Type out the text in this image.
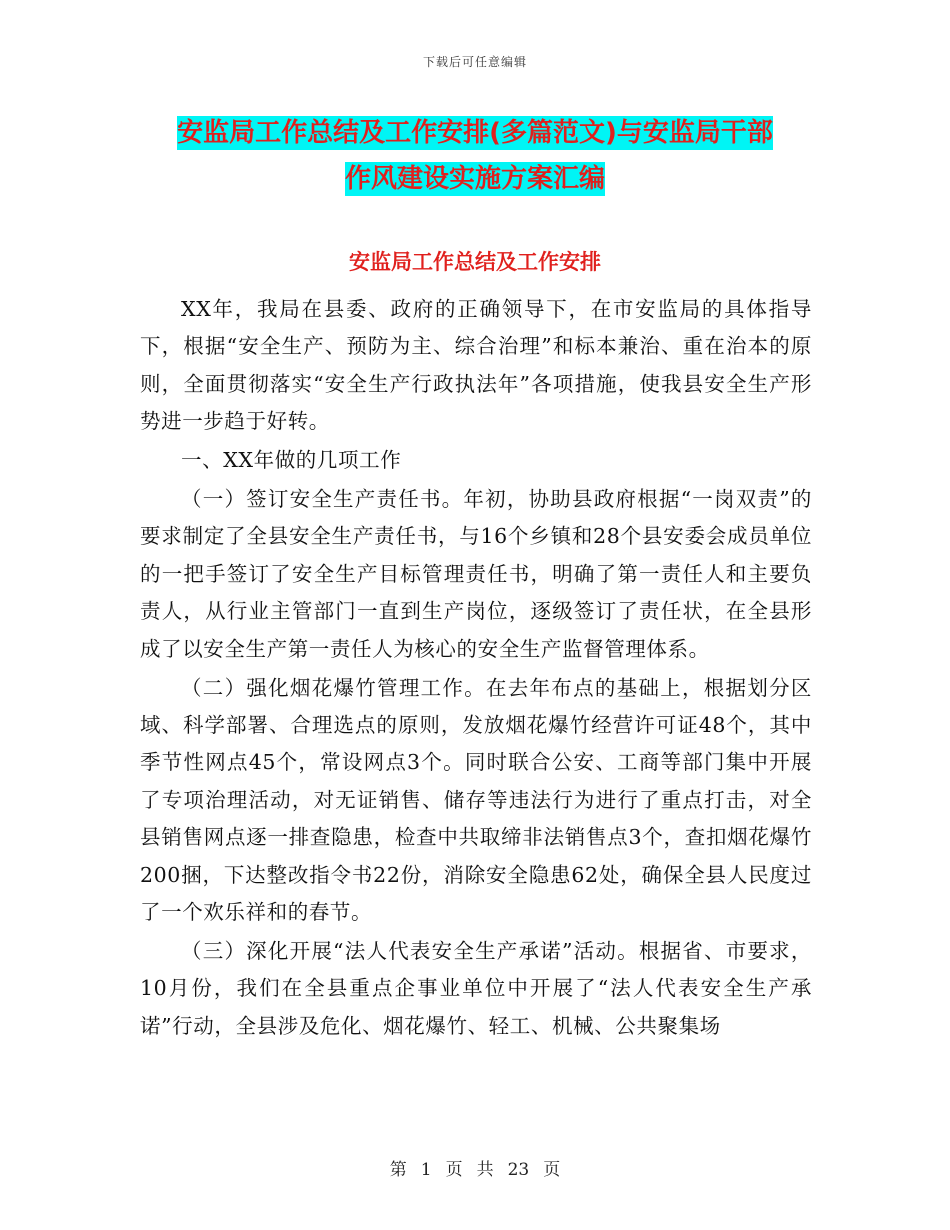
下载后可任意编辑
安监局工作总结及工作安排(多篇范文)与安监局干部
作风建设实施方案汇编
安监局工作总结及工作安排

XX年，我局在县委、政府的正确领导下，在市安监局的具体指导下，根据“安全生产、预防为主、综合治理”和标本兼治、重在治本的原则，全面贯彻落实“安全生产行政执法年”各项措施，使我县安全生产形势进一步趋于好转。

一、XX年做的几项工作

（一）签订安全生产责任书。年初，协助县政府根据“一岗双责”的要求制定了全县安全生产责任书，与16个乡镇和28个县安委会成员单位的一把手签订了安全生产目标管理责任书，明确了第一责任人和主要负责人，从行业主管部门一直到生产岗位，逐级签订了责任状，在全县形成了以安全生产第一责任人为核心的安全生产监督管理体系。

（二）强化烟花爆竹管理工作。在去年布点的基础上，根据划分区域、科学部署、合理选点的原则，发放烟花爆竹经营许可证48个，其中季节性网点45个，常设网点3个。同时联合公安、工商等部门集中开展了专项治理活动，对无证销售、储存等违法行为进行了重点打击，对全县销售网点逐一排查隐患，检查中共取缔非法销售点3个，查扣烟花爆竹200捆，下达整改指令书22份，消除安全隐患62处，确保全县人民度过了一个欢乐祥和的春节。

（三）深化开展“法人代表安全生产承诺”活动。根据省、市要求，10月份，我们在全县重点企事业单位中开展了“法人代表安全生产承诺”行动，全县涉及危化、烟花爆竹、轻工、机械、公共聚集场

第 1 页 共 23 页
